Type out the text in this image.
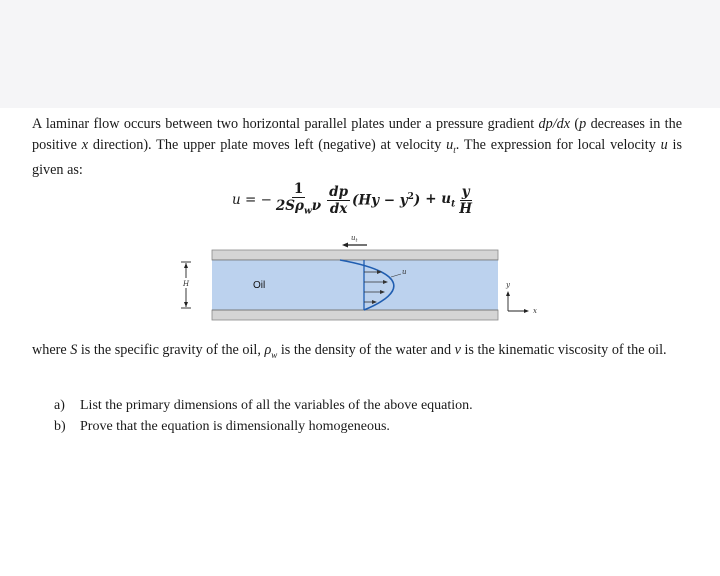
A laminar flow occurs between two horizontal parallel plates under a pressure gradient dp/dx (p decreases in the positive x direction). The upper plate moves left (negative) at velocity $u_t$. The expression for local velocity u is given as:

u = − $\frac{1}{2S\rho_w\nu} \frac{dp}{dx} (Hy - y^2) + u_t \frac{y}{H}$
$u_t$
u
Oil
H	y
x

where S is the specific gravity of the oil, $\rho_w$ is the density of the water and ν is the kinematic viscosity of the oil.

a)	List the primary dimensions of all the variables of the above equation.
b)	Prove that the equation is dimensionally homogeneous.
